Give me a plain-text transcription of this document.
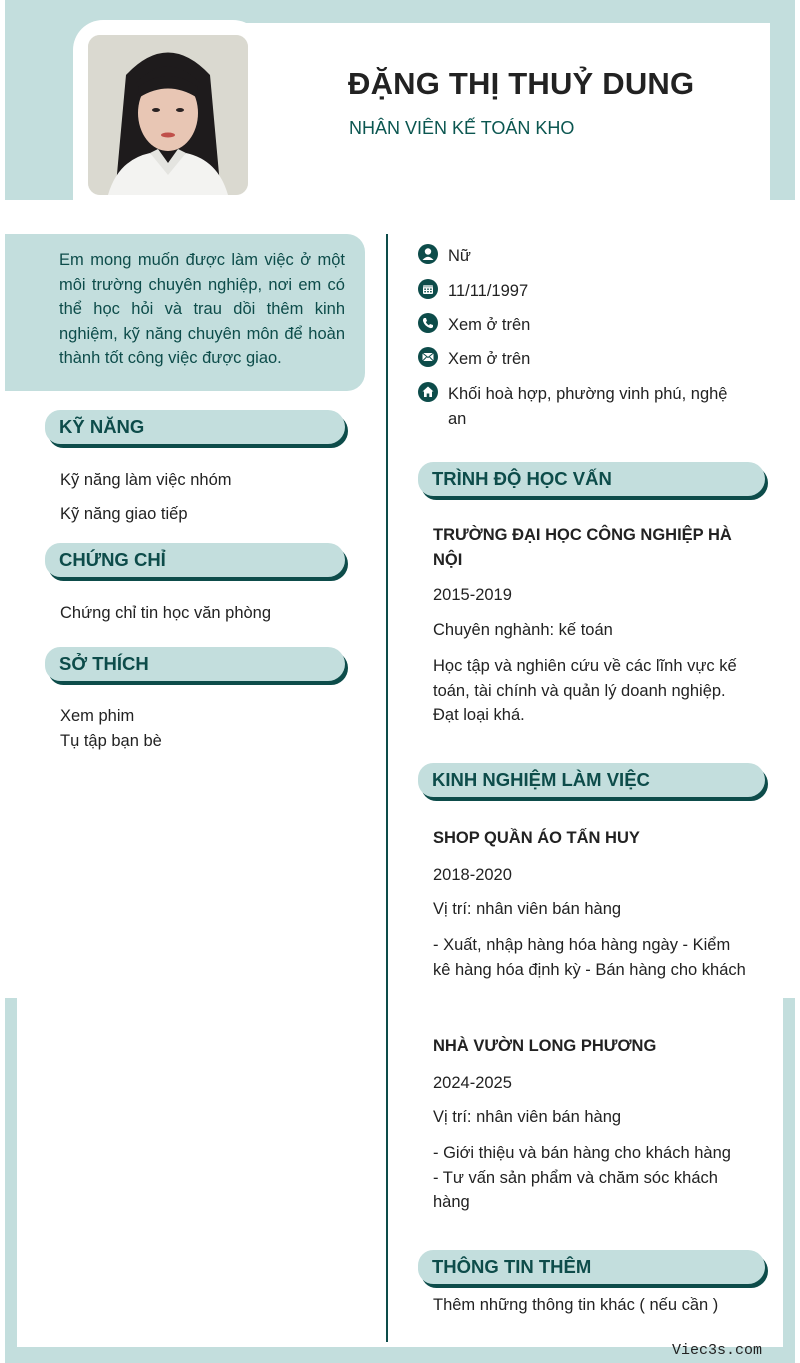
ĐẶNG THỊ THUỶ DUNG
NHÂN VIÊN KẾ TOÁN KHO
Em mong muốn được làm việc ở một môi trường chuyên nghiệp, nơi em có thể học hỏi và trau dồi thêm kinh nghiệm, kỹ năng chuyên môn để hoàn thành tốt công việc được giao.
KỸ NĂNG
Kỹ năng làm việc nhóm
Kỹ năng giao tiếp
CHỨNG CHỈ
Chứng chỉ tin học văn phòng
SỞ THÍCH
Xem phim
Tụ tập bạn bè
Nữ
11/11/1997
Xem ở trên
Xem ở trên
Khối hoà hợp, phường vinh phú, nghệ an
TRÌNH ĐỘ HỌC VẤN
TRƯỜNG ĐẠI HỌC CÔNG NGHIỆP HÀ NỘI
2015-2019
Chuyên nghành: kế toán
Học tập và nghiên cứu về các lĩnh vực kế toán, tài chính và quản lý doanh nghiệp. Đạt loại khá.
KINH NGHIỆM LÀM VIỆC
SHOP QUẦN ÁO TẤN HUY
2018-2020
Vị trí: nhân viên bán hàng
- Xuất, nhập hàng hóa hàng ngày - Kiểm kê hàng hóa định kỳ - Bán hàng cho khách
NHÀ VƯỜN LONG PHƯƠNG
2024-2025
Vị trí: nhân viên bán hàng
- Giới thiệu và bán hàng cho khách hàng
- Tư vấn sản phẩm và chăm sóc khách hàng
THÔNG TIN THÊM
Thêm những thông tin khác ( nếu cần )
Viec3s.com
